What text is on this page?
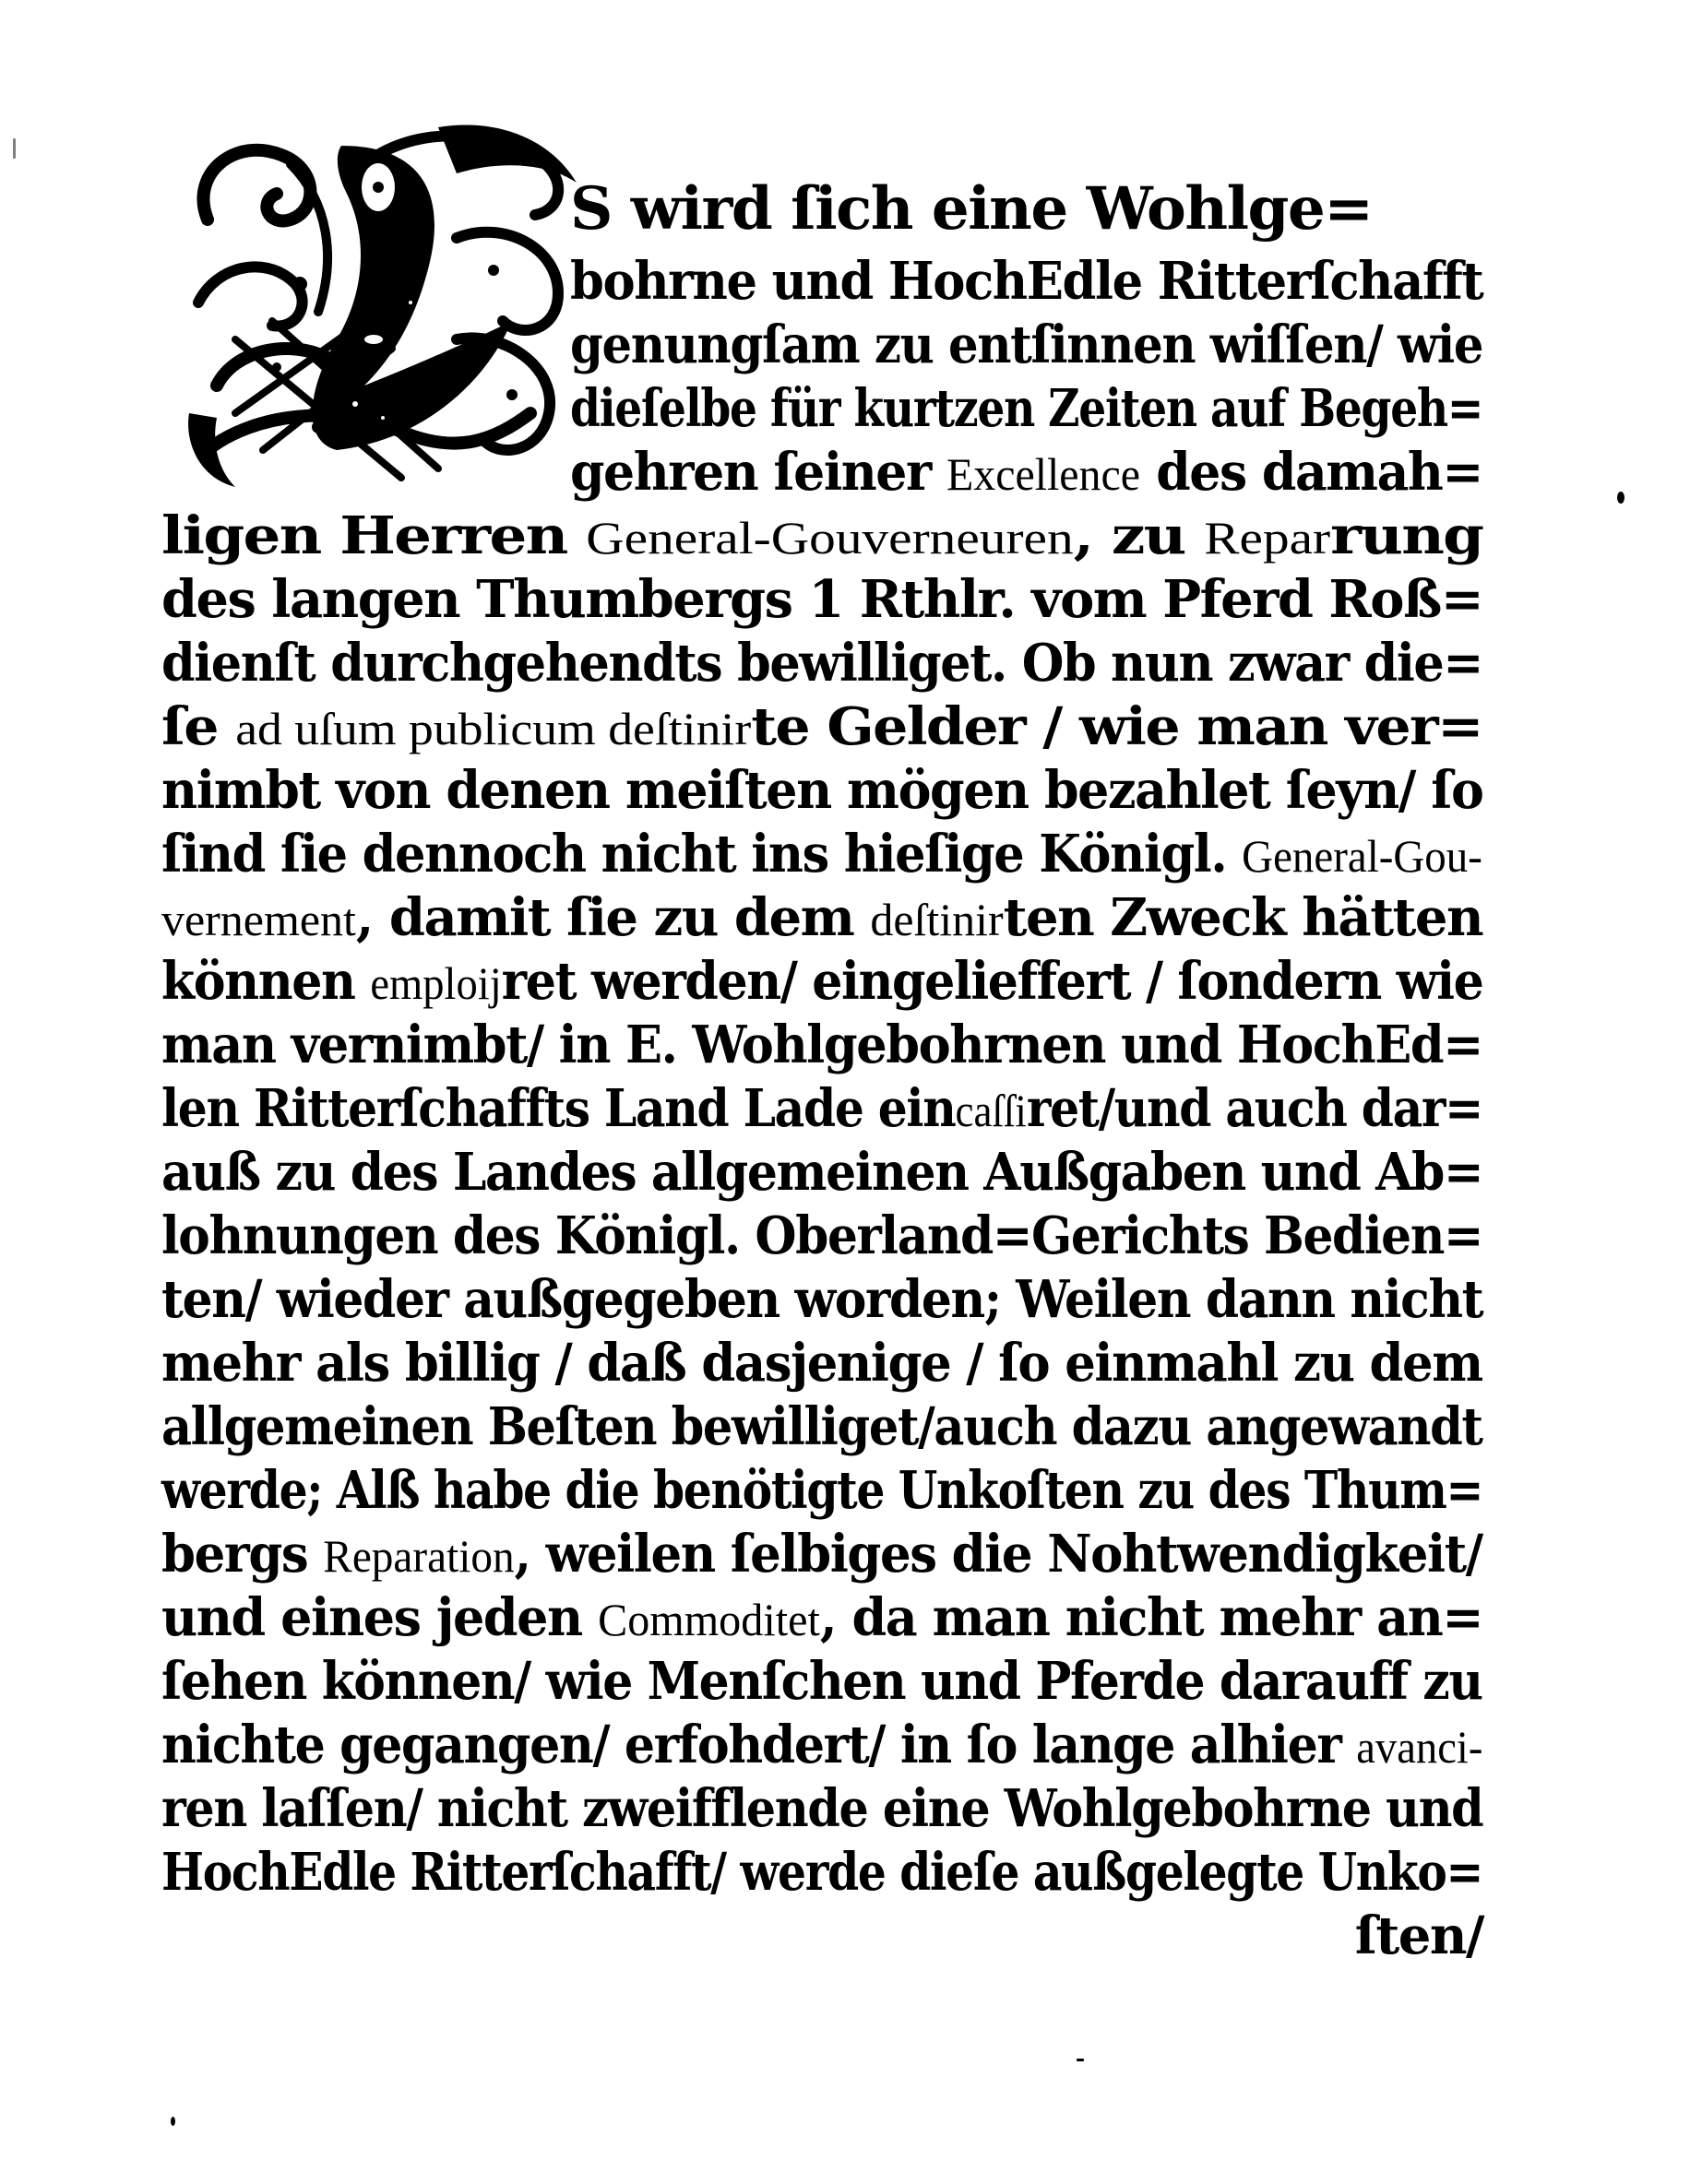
S wird ſich eine Wohlge=
bohrne und HochEdle Ritterſchafft
genungſam zu entſinnen wiſſen/ wie
dieſelbe für kurtzen Zeiten auf Begeh=
gehren ſeiner Excellence des damah=
ligen Herren General-Gouverneuren, zu Reparrung
des langen Thumbergs 1 Rthlr. vom Pferd Roß=
dienſt durchgehendts bewilliget. Ob nun zwar die=
ſe ad uſum publicum deſtinirte Gelder / wie man ver=
nimbt von denen meiſten mögen bezahlet ſeyn/ ſo
ſind ſie dennoch nicht ins hieſige Königl. General-Gou-
vernement, damit ſie zu dem deſtinirten Zweck hätten
können emploijret werden/ eingelieffert / ſondern wie
man vernimbt/ in E. Wohlgebohrnen und HochEd=
len Ritterſchaffts Land Lade eincaſſiret/und auch dar=
auß zu des Landes allgemeinen Außgaben und Ab=
lohnungen des Königl. Oberland=Gerichts Bedien=
ten/ wieder außgegeben worden; Weilen dann nicht
mehr als billig / daß dasjenige / ſo einmahl zu dem
allgemeinen Beſten bewilliget/auch dazu angewandt
werde; Alß habe die benötigte Unkoſten zu des Thum=
bergs Reparation, weilen ſelbiges die Nohtwendigkeit/
und eines jeden Commoditet, da man nicht mehr an=
ſehen können/ wie Menſchen und Pferde darauff zu
nichte gegangen/ erfohdert/ in ſo lange alhier avanci-
ren laſſen/ nicht zweifflende eine Wohlgebohrne und
HochEdle Ritterſchafft/ werde dieſe außgelegte Unko=
ſten/
